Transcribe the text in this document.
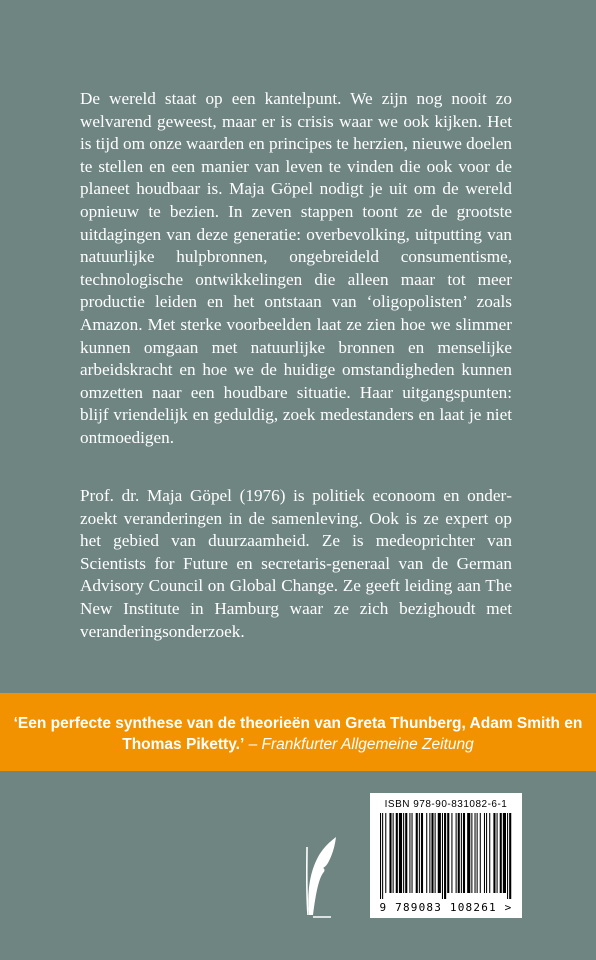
De wereld staat op een kantelpunt. We zijn nog nooit zo welvarend geweest, maar er is crisis waar we ook kijken. Het is tijd om onze waarden en principes te herzien, nieuwe doelen te stellen en een manier van leven te vinden die ook voor de planeet houdbaar is. Maja Göpel nodigt je uit om de wereld opnieuw te bezien. In zeven stappen toont ze de grootste uitdagingen van deze generatie: overbevolking, uitputting van natuurlijke hulpbronnen, ongebreideld consumentisme, technologische ontwikkelingen die alleen maar tot meer productie leiden en het ontstaan van ‘oligopolisten’ zoals Amazon. Met sterke voorbeelden laat ze zien hoe we slimmer kunnen omgaan met natuurlijke bronnen en menselijke arbeidskracht en hoe we de huidige omstandigheden kunnen omzetten naar een houdbare situatie. Haar uitgangspunten: blijf vriendelijk en geduldig, zoek medestanders en laat je niet ontmoedigen.

Prof. dr. Maja Göpel (1976) is politiek econoom en onderzoekt veranderingen in de samenleving. Ook is ze expert op het gebied van duurzaamheid. Ze is medeoprichter van Scientists for Future en secretaris-generaal van de German Advisory Council on Global Change. Ze geeft leiding aan The New Institute in Hamburg waar ze zich bezighoudt met veranderingsonderzoek.

‘Een perfecte synthese van de theorieën van Greta Thunberg, Adam Smith en Thomas Piketty.’ – Frankfurter Allgemeine Zeitung

ISBN 978-90-831082-6-1
9 789083 108261 >
